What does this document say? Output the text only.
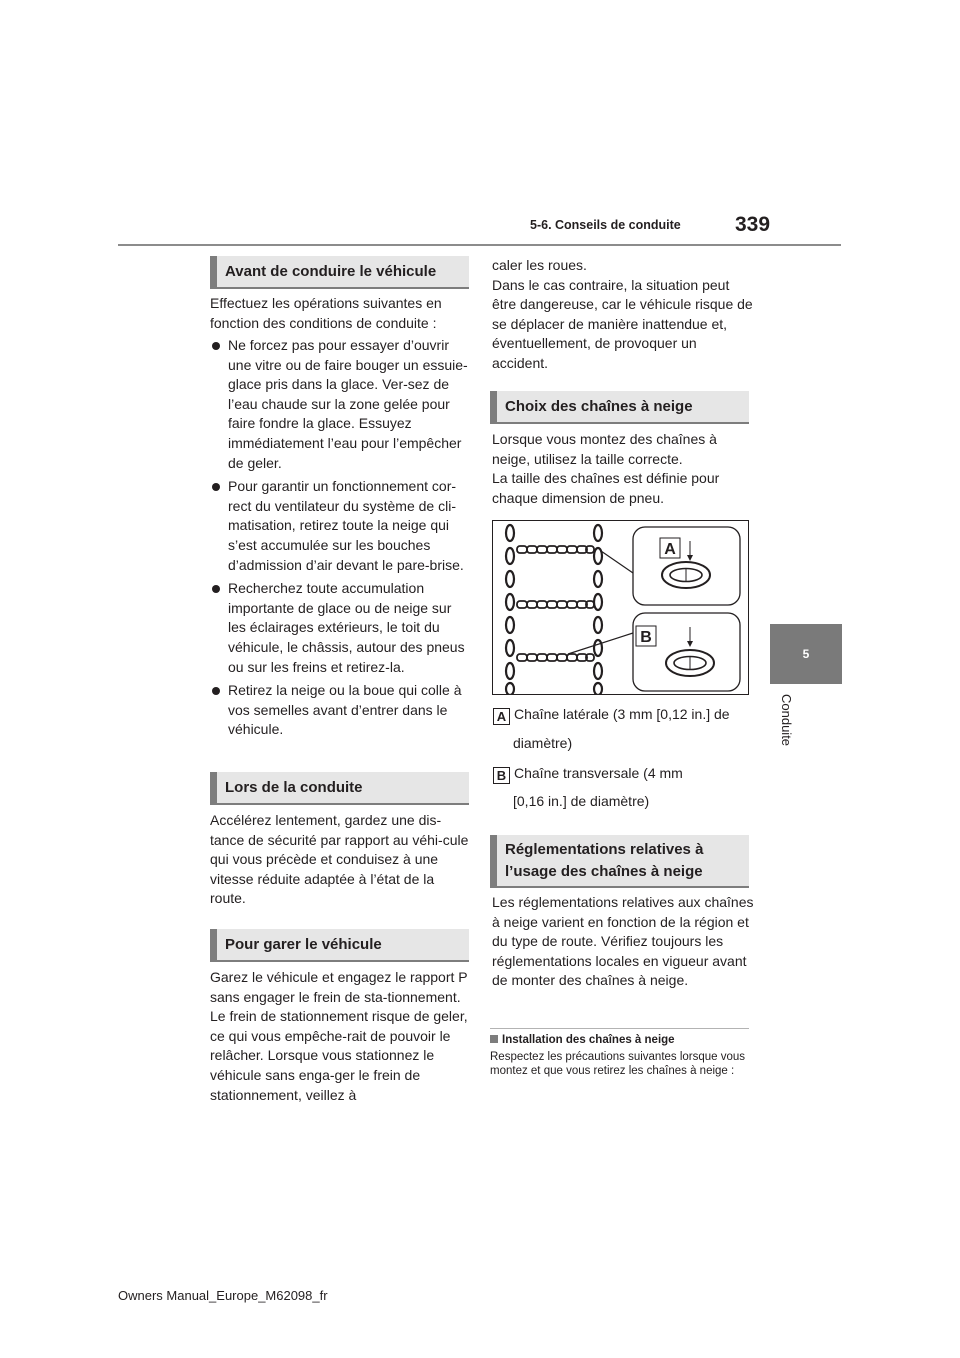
5-6. Conseils de conduite	339
5
Conduite
Avant de conduire le véhicule
Effectuez les opérations suivantes en fonction des conditions de conduite :
Ne forcez pas pour essayer d’ouvrir une vitre ou de faire bouger un essuie-glace pris dans la glace. Ver-sez de l’eau chaude sur la zone gelée pour faire fondre la glace. Essuyez immédiatement l’eau pour l’empêcher de geler.
Pour garantir un fonctionnement cor-rect du ventilateur du système de cli-matisation, retirez toute la neige qui s’est accumulée sur les bouches d’admission d’air devant le pare-brise.
Recherchez toute accumulation importante de glace ou de neige sur les éclairages extérieurs, le toit du véhicule, le châssis, autour des pneus ou sur les freins et retirez-la.
Retirez la neige ou la boue qui colle à vos semelles avant d’entrer dans le véhicule.
Lors de la conduite
Accélérez lentement, gardez une dis-tance de sécurité par rapport au véhi-cule qui vous précède et conduisez à une vitesse réduite adaptée à l’état de la route.
Pour garer le véhicule
Garez le véhicule et engagez le rapport P sans engager le frein de sta-tionnement. Le frein de stationnement risque de geler, ce qui vous empêche-rait de pouvoir le relâcher. Lorsque vous stationnez le véhicule sans enga-ger le frein de stationnement, veillez à
caler les roues.
Dans le cas contraire, la situation peut être dangereuse, car le véhicule risque de se déplacer de manière inattendue et, éventuellement, de provoquer un accident.
Choix des chaînes à neige
Lorsque vous montez des chaînes à neige, utilisez la taille correcte.
La taille des chaînes est définie pour chaque dimension de pneu.
A
B
A Chaîne latérale (3 mm [0,12 in.] de
diamètre)
B Chaîne transversale (4 mm
[0,16 in.] de diamètre)
Réglementations relatives à
l’usage des chaînes à neige
Les réglementations relatives aux chaînes à neige varient en fonction de la région et du type de route. Vérifiez toujours les réglementations locales en vigueur avant de monter des chaînes à neige.
Installation des chaînes à neige
Respectez les précautions suivantes lorsque vous montez et que vous retirez les chaînes à neige :
Owners Manual_Europe_M62098_fr
